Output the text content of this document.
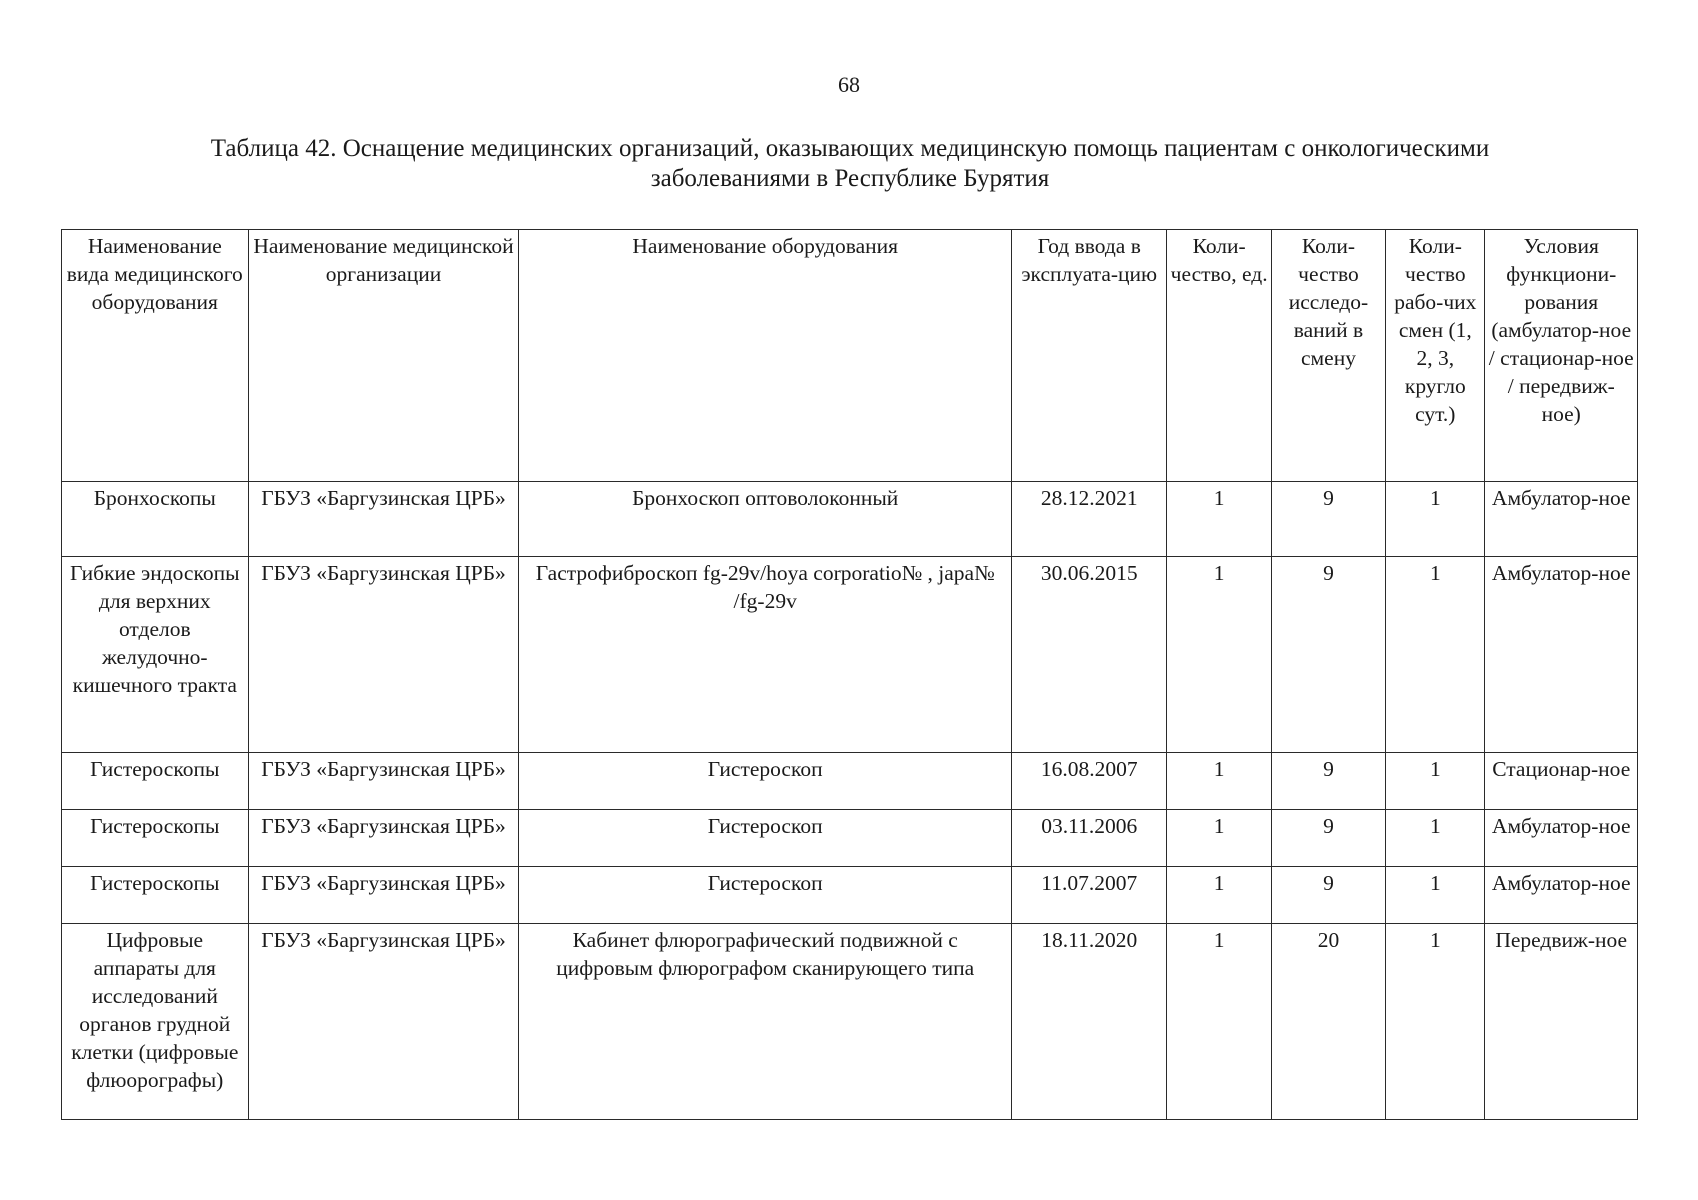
68
Таблица 42. Оснащение медицинских организаций, оказывающих медицинскую помощь пациентам с онкологическими
заболеваниями в Республике Бурятия
Наименование вида медицинского оборудования	Наименование медицинской организации	Наименование оборудования	Год ввода в эксплуата-цию	Коли-чество, ед.	Коли-чество исследо-ваний в смену	Коли-чество рабо-чих смен (1, 2, 3, кругло сут.)	Условия функциони-рования (амбулатор-ное / стационар-ное / передвиж-ное)
Бронхоскопы	ГБУЗ «Баргузинская ЦРБ»	Бронхоскоп оптоволоконный	28.12.2021	1	9	1	Амбулатор-ное
Гибкие эндоскопы для верхних отделов желудочно-кишечного тракта	ГБУЗ «Баргузинская ЦРБ»	Гастрофиброскоп fg-29v/hoya corporatio№ , japa№ /fg-29v	30.06.2015	1	9	1	Амбулатор-ное
Гистероскопы	ГБУЗ «Баргузинская ЦРБ»	Гистероскоп	16.08.2007	1	9	1	Стационар-ное
Гистероскопы	ГБУЗ «Баргузинская ЦРБ»	Гистероскоп	03.11.2006	1	9	1	Амбулатор-ное
Гистероскопы	ГБУЗ «Баргузинская ЦРБ»	Гистероскоп	11.07.2007	1	9	1	Амбулатор-ное
Цифровые аппараты для исследований органов грудной клетки (цифровые флюорографы)	ГБУЗ «Баргузинская ЦРБ»	Кабинет флюрографический подвижной с цифровым флюрографом сканирующего типа	18.11.2020	1	20	1	Передвиж-ное
